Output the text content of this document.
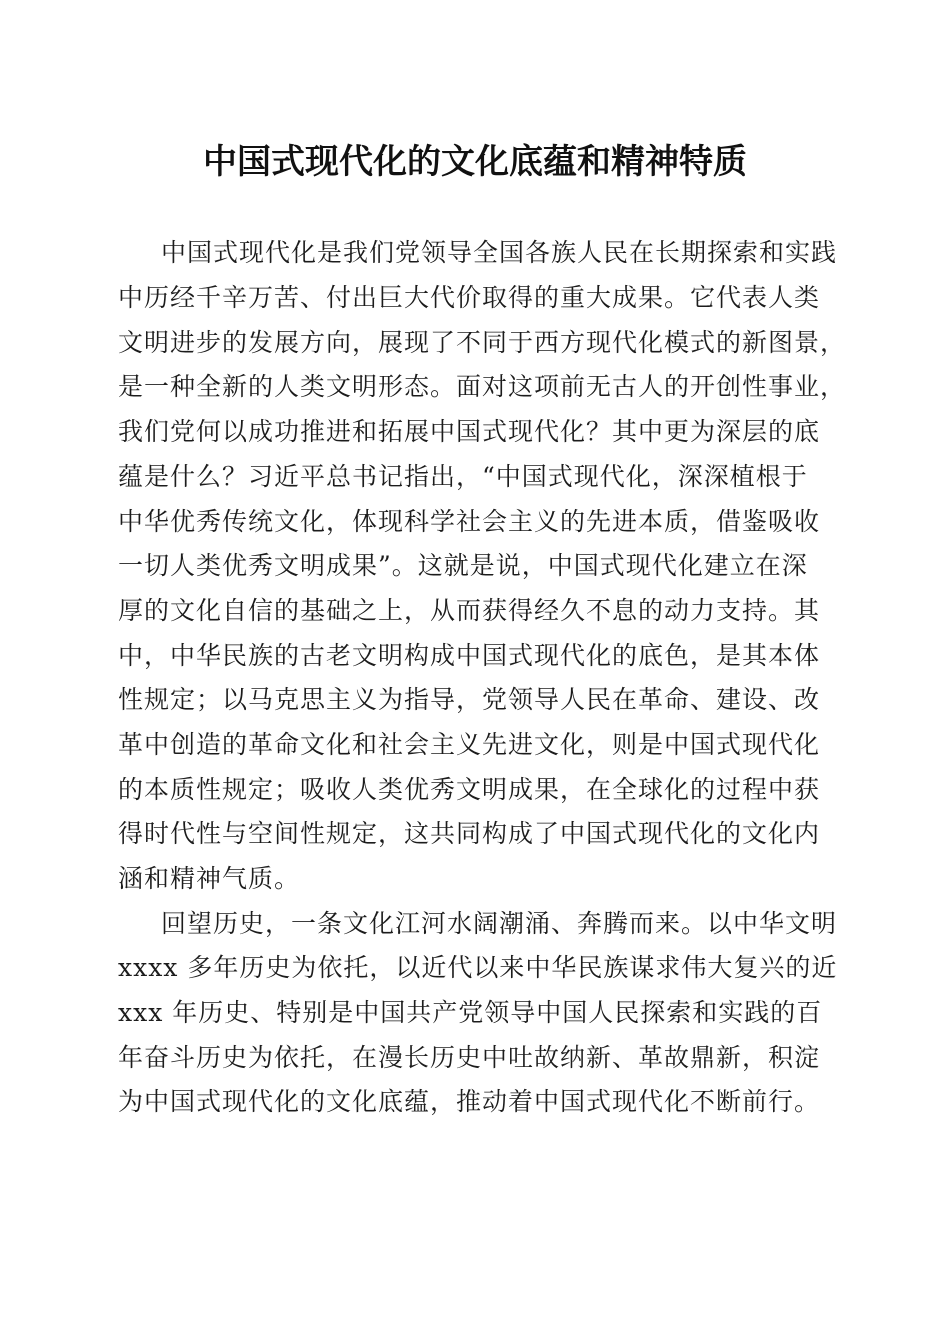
中国式现代化的文化底蕴和精神特质
中国式现代化是我们党领导全国各族人民在长期探索和实践
中历经千辛万苦、付出巨大代价取得的重大成果。它代表人类
文明进步的发展方向，展现了不同于西方现代化模式的新图景，
是一种全新的人类文明形态。面对这项前无古人的开创性事业，
我们党何以成功推进和拓展中国式现代化？其中更为深层的底
蕴是什么？习近平总书记指出，“中国式现代化，深深植根于
中华优秀传统文化，体现科学社会主义的先进本质，借鉴吸收
一切人类优秀文明成果”。这就是说，中国式现代化建立在深
厚的文化自信的基础之上，从而获得经久不息的动力支持。其
中，中华民族的古老文明构成中国式现代化的底色，是其本体
性规定；以马克思主义为指导，党领导人民在革命、建设、改
革中创造的革命文化和社会主义先进文化，则是中国式现代化
的本质性规定；吸收人类优秀文明成果，在全球化的过程中获
得时代性与空间性规定，这共同构成了中国式现代化的文化内
涵和精神气质。
回望历史，一条文化江河水阔潮涌、奔腾而来。以中华文明
xxxx 多年历史为依托，以近代以来中华民族谋求伟大复兴的近
xxx 年历史、特别是中国共产党领导中国人民探索和实践的百
年奋斗历史为依托，在漫长历史中吐故纳新、革故鼎新，积淀
为中国式现代化的文化底蕴，推动着中国式现代化不断前行。
